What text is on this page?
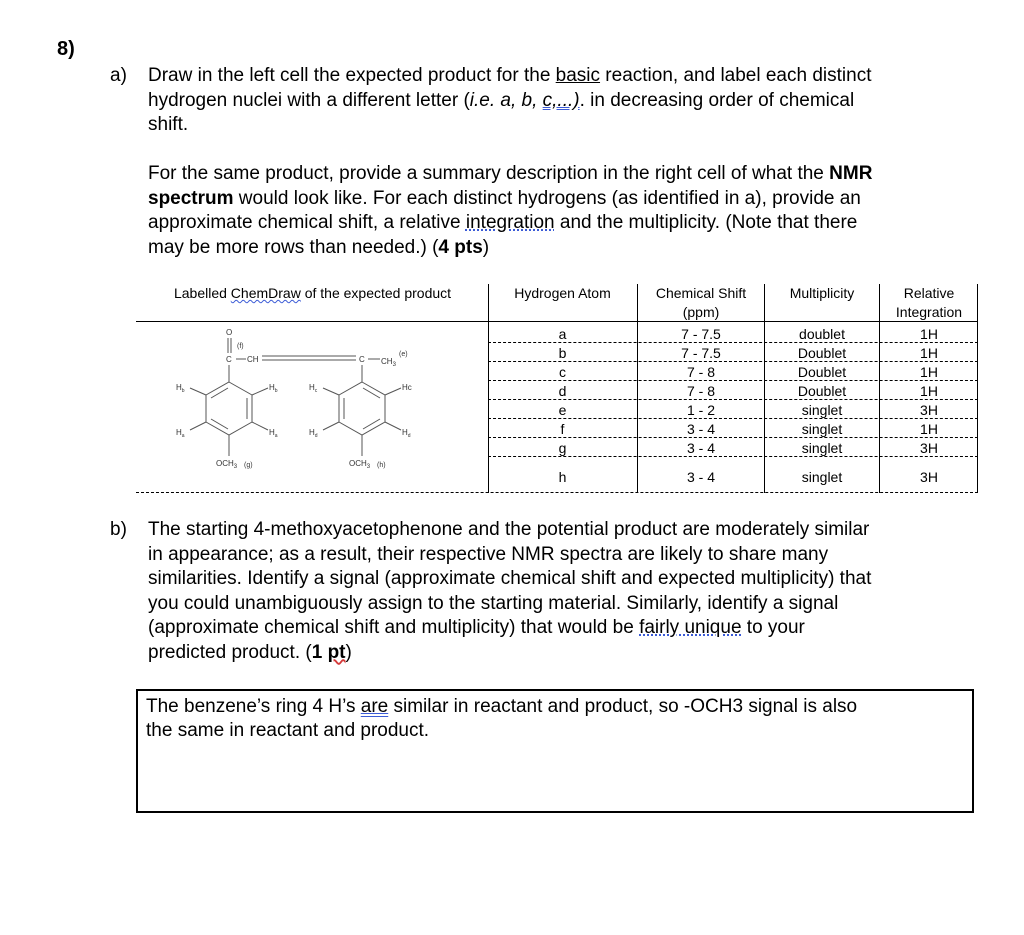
8)
a) Draw in the left cell the expected product for the basic reaction, and label each distinct
hydrogen nuclei with a different letter (i.e. a, b, c,...). in decreasing order of chemical
shift.
For the same product, provide a summary description in the right cell of what the NMR
spectrum would look like. For each distinct hydrogens (as identified in a), provide an
approximate chemical shift, a relative integration and the multiplicity. (Note that there
may be more rows than needed.) (4 pts)
Labelled ChemDraw of the expected product	Hydrogen Atom	Chemical Shift
(ppm)
Multiplicity	Relative
Integration
a	7 - 7.5	doublet	1H
b	7 - 7.5	Doublet	1H
c	7 - 8	Doublet	1H
d	7 - 8	Doublet	1H
e	1 - 2	singlet	3H
f	3 - 4	singlet	1H
g	3 - 4	singlet	3H
h	3 - 4	singlet	3H
O
(f)
C CH	C $CH_3$
(e)
$H_b$	$H_b$	$H_c$	Hc
$H_a$	$H_a$	$H_d$	$H_d$
$OCH_3$ (g)	$OCH_3$ (h)
b) The starting 4-methoxyacetophenone and the potential product are moderately similar
in appearance; as a result, their respective NMR spectra are likely to share many
similarities. Identify a signal (approximate chemical shift and expected multiplicity) that
you could unambiguously assign to the starting material. Similarly, identify a signal
(approximate chemical shift and multiplicity) that would be fairly unique to your
predicted product. (1 pt)
The benzene’s ring 4 H’s are similar in reactant and product, so -OCH3 signal is also
the same in reactant and product.
